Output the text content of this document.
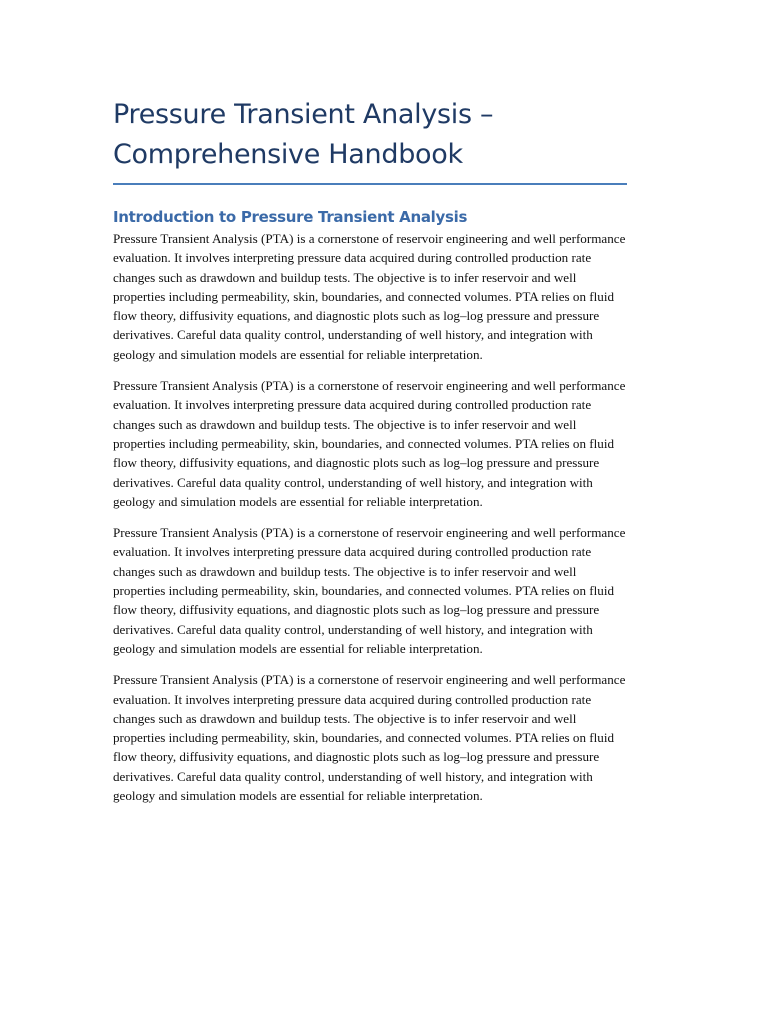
Pressure Transient Analysis – Comprehensive Handbook
Introduction to Pressure Transient Analysis

Pressure Transient Analysis (PTA) is a cornerstone of reservoir engineering and well performance evaluation. It involves interpreting pressure data acquired during controlled production rate changes such as drawdown and buildup tests. The objective is to infer reservoir and well properties including permeability, skin, boundaries, and connected volumes. PTA relies on fluid flow theory, diffusivity equations, and diagnostic plots such as log–log pressure and pressure derivatives. Careful data quality control, understanding of well history, and integration with geology and simulation models are essential for reliable interpretation.

Pressure Transient Analysis (PTA) is a cornerstone of reservoir engineering and well performance evaluation. It involves interpreting pressure data acquired during controlled production rate changes such as drawdown and buildup tests. The objective is to infer reservoir and well properties including permeability, skin, boundaries, and connected volumes. PTA relies on fluid flow theory, diffusivity equations, and diagnostic plots such as log–log pressure and pressure derivatives. Careful data quality control, understanding of well history, and integration with geology and simulation models are essential for reliable interpretation.

Pressure Transient Analysis (PTA) is a cornerstone of reservoir engineering and well performance evaluation. It involves interpreting pressure data acquired during controlled production rate changes such as drawdown and buildup tests. The objective is to infer reservoir and well properties including permeability, skin, boundaries, and connected volumes. PTA relies on fluid flow theory, diffusivity equations, and diagnostic plots such as log–log pressure and pressure derivatives. Careful data quality control, understanding of well history, and integration with geology and simulation models are essential for reliable interpretation.

Pressure Transient Analysis (PTA) is a cornerstone of reservoir engineering and well performance evaluation. It involves interpreting pressure data acquired during controlled production rate changes such as drawdown and buildup tests. The objective is to infer reservoir and well properties including permeability, skin, boundaries, and connected volumes. PTA relies on fluid flow theory, diffusivity equations, and diagnostic plots such as log–log pressure and pressure derivatives. Careful data quality control, understanding of well history, and integration with geology and simulation models are essential for reliable interpretation.
